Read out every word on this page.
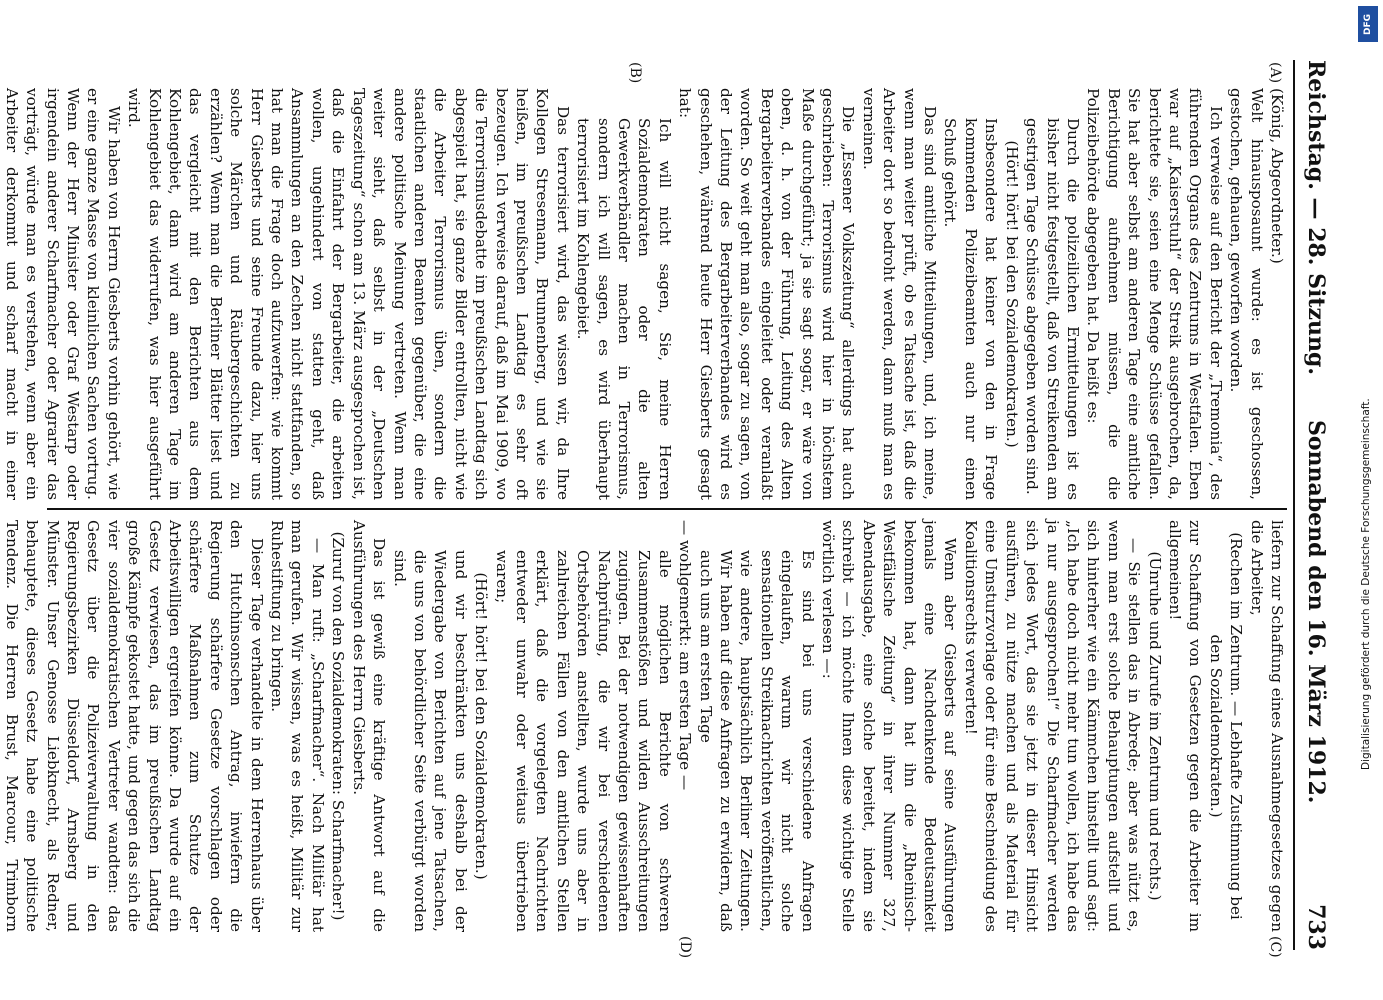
Reichstag. — 28. Sitzung.
Sonnabend den 16. März 1912.
733
(A)
(B)
(C)
(D)

(König, Abgeordneter.)

Welt hinausposaunt wurde: es ist geschossen, gestochen, gehauen, geworfen worden.

Ich verweise auf den Bericht der „Tremonia“, des führenden Organs des Zentrums in Westfalen. Eben war auf „Kaiserstuhl“ der Streik ausgebrochen, da, berichtete sie, seien eine Menge Schüsse gefallen. Sie hat aber selbst am anderen Tage eine amtliche Berichtigung aufnehmen müssen, die die Polizeibehörde abgegeben hat. Da heißt es:

Durch die polizeilichen Ermittelungen ist es bisher nicht festgestellt, daß von Streikenden am gestrigen Tage Schüsse abgegeben worden sind.

(Hört! hört! bei den Sozialdemokraten.)

Insbesondere hat keiner von den in Frage kommenden Polizeibeamten auch nur einen Schuß gehört.

Das sind amtliche Mitteilungen, und, ich meine, wenn man weiter prüft, ob es Tatsache ist, daß die Arbeiter dort so bedroht werden, dann muß man es verneinen.

Die „Essener Volkszeitung“ allerdings hat auch geschrieben: Terrorismus wird hier in höchstem Maße durchgeführt; ja sie sagt sogar, er wäre von oben, d. h. von der Führung, Leitung des Alten Bergarbeiterverbandes eingeleitet oder veranlaßt worden. So weit geht man also, sogar zu sagen, von der Leitung des Bergarbeiterverbandes wird es geschehen, während heute Herr Giesberts gesagt hat:

Ich will nicht sagen, Sie, meine Herren Sozialdemokraten oder die alten Gewerkverbändler machen in Terrorismus, sondern ich will sagen, es wird überhaupt terrorisiert im Kohlengebiet.

Das terrorisiert wird, das wissen wir, da Ihre Kollegen Stresemann, Brunnenberg, und wie sie heißen, im preußischen Landtag es sehr oft bezeugen. Ich verweise darauf, daß im Mai 1909, wo die Terrorismusdebatte im preußischen Landtag sich abgespielt hat, sie ganze Bilder entrollten, nicht wie die Arbeiter Terrorismus üben, sondern die staatlichen anderen Beamten gegenüber, die eine andere politische Meinung vertreten. Wenn man weiter sieht, daß selbst in der „Deutschen Tageszeitung“ schon am 13. März ausgesprochen ist, daß die Einfahrt der Bergarbeiter, die arbeiten wollen, ungehindert von statten geht, daß Ansammlungen an den Zechen nicht stattfanden, so hat man die Frage doch aufzuwerfen: wie kommt Herr Giesberts und seine Freunde dazu, hier uns solche Märchen und Räubergeschichten zu erzählen? Wenn man die Berliner Blätter liest und das vergleicht mit den Berichten aus dem Kohlengebiet, dann wird am anderen Tage im Kohlengebiet das widerrufen, was hier ausgeführt wird.

Wir haben von Herrn Giesberts vorhin gehört, wie er eine ganze Masse von kleinlichen Sachen vortrug. Wenn der Herr Minister oder Graf Westarp oder irgendein anderer Scharfmacher oder Agrarier das vorträgt, würde man es verstehen, wenn aber ein Arbeiter derkommt und scharf macht in einer

liefern zur Schaffung eines Ausnahmegesetzes gegen die Arbeiter,

(Rechen im Zentrum. — Lebhafte Zustimmung bei den Sozialdemokraten.)

zur Schaffung von Gesetzen gegen die Arbeiter im allgemeinen!

(Unruhe und Zurufe im Zentrum und rechts.)

— Sie stellen das in Abrede; aber was nützt es, wenn man erst solche Behauptungen aufstellt und sich hinterher wie ein Kämmchen hinstellt und sagt: „Ich habe doch nicht mehr tun wollen, ich habe das ja nur ausgesprochen!“ Die Scharfmacher werden sich jedes Wort, das sie jetzt in dieser Hinsicht ausführen, zu nütze machen und als Material für eine Umsturzvorlage oder für eine Beschneidung des Koalitionsrechts verwerten!

Wenn aber Giesberts auf seine Ausführungen jemals eine Nachdenkende Bedeutsamkeit bekommen hat, dann hat ihn die „Rheinisch-Westfälische Zeitung“ in ihrer Nummer 327, Abendausgabe, eine solche bereitet, indem sie schreibt — ich möchte Ihnen diese wichtige Stelle wörtlich verlesen —:

Es sind bei uns verschiedene Anfragen eingelaufen, warum wir nicht solche sensationellen Streiknachrichten veröffentlichen, wie andere, hauptsächlich Berliner Zeitungen. Wir haben auf diese Anfragen zu erwidern, daß auch uns am ersten Tage

— wohlgemerkt: am ersten Tage —

alle möglichen Berichte von schweren Zusammenstößen und wilden Ausschreitungen zugingen. Bei der notwendigen gewissenhaften Nachprüfung, die wir bei verschiedenen Ortsbehörden anstellten, wurde uns aber in zahlreichen Fällen von den amtlichen Stellen erklärt, daß die vorgelegten Nachrichten entweder unwahr oder weitaus übertrieben waren;

(Hört! hört! bei den Sozialdemokraten.)

und wir beschränkten uns deshalb bei der Wiedergabe von Berichten auf jene Tatsachen, die uns von behördlicher Seite verbürgt worden sind.

Das ist gewiß eine kräftige Antwort auf die Ausführungen des Herrn Giesberts.

(Zuruf von den Sozialdemokraten: Scharfmacher!)

— Man ruft: „Scharfmacher“. Nach Militär hat man gerufen. Wir wissen, was es heißt, Militär zur Ruhestiftung zu bringen.

Dieser Tage verhandelte in dem Herrenhaus über den Hutchinsonschen Antrag, inwiefern die Regierung schärfere Gesetze vorschlagen oder schärfere Maßnahmen zum Schutze der Arbeitswilligen ergreifen könne. Da wurde auf ein Gesetz verwiesen, das im preußischen Landtag große Kämpfe gekostet hatte, und gegen das sich die vier sozialdemokratischen Vertreter wandten: das Gesetz über die Polizeiverwaltung in den Regierungsbezirken Düsseldorf, Arnsberg und Münster. Unser Genosse Liebknecht, als Redner, behauptete, dieses Gesetz habe eine politische Tendenz. Die Herren Brust, Marcour, Trimborn

DFG
Digitalisierung gefördert durch die Deutsche Forschungsgemeinschaft.
